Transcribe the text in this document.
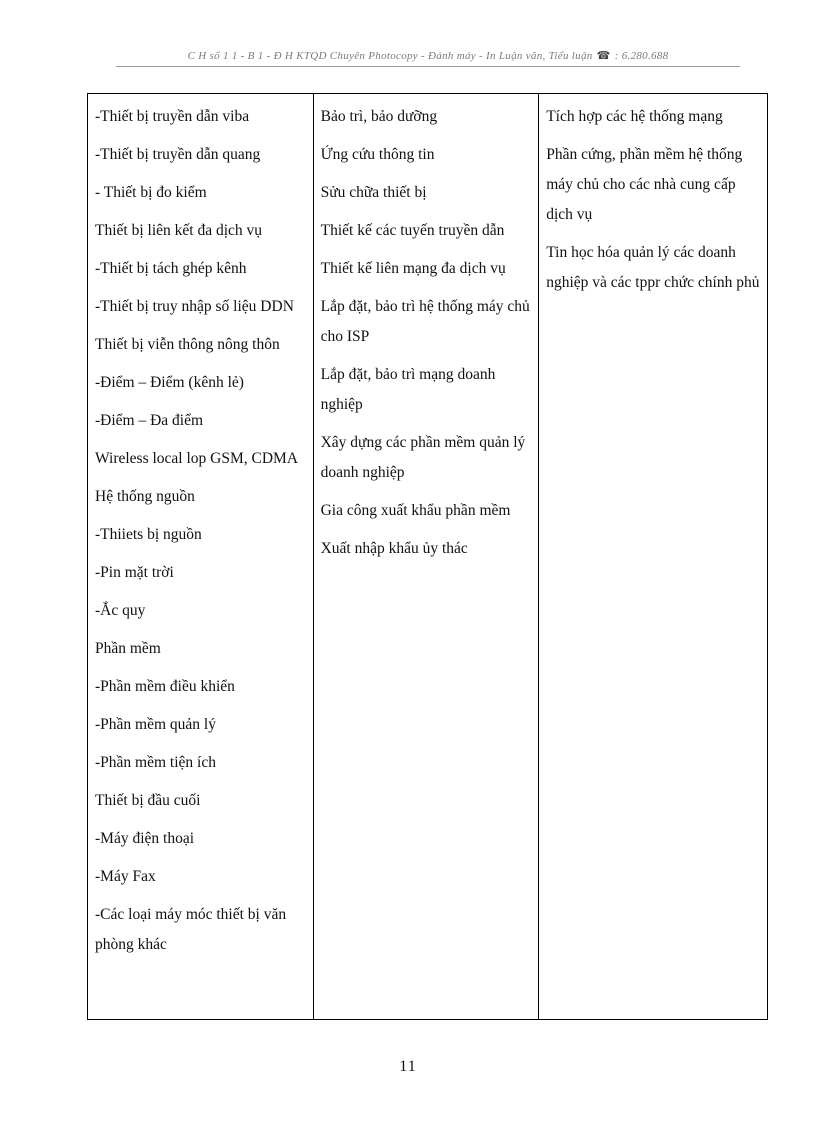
C H số 1 1 - B 1 - Đ H KTQD Chuyên Photocopy - Đánh máy - In Luận văn, Tiểu luận ☎ : 6.280.688
-Thiết bị truyền dẫn viba
-Thiết bị truyền dẫn quang
- Thiết bị đo kiểm
Thiết bị liên kết đa dịch vụ
-Thiết bị tách ghép kênh
-Thiết bị truy nhập số liệu DDN
Thiết bị viễn thông nông thôn
-Điểm – Điểm (kênh lẻ)
-Điểm – Đa điểm
Wireless local lop GSM, CDMA
Hệ thống nguồn
-Thiiets bị nguồn
-Pin mặt trời
-Ắc quy
Phần mềm
-Phần mềm điều khiển
-Phần mềm quản lý
-Phần mềm tiện ích
Thiết bị đầu cuối
-Máy điện thoại
-Máy Fax
-Các loại máy móc thiết bị văn phòng khác

Bảo trì, bảo dưỡng
Ứng cứu thông tin
Sửu chữa thiết bị
Thiết kế các tuyến truyền dẫn
Thiết kế liên mạng đa dịch vụ
Lắp đặt, bảo trì hệ thống máy chủ cho ISP
Lắp đặt, bảo trì mạng doanh nghiệp
Xây dựng các phần mềm quản lý doanh nghiệp
Gia công xuất khẩu phần mềm
Xuất nhập khẩu ủy thác

Tích hợp các hệ thống mạng
Phần cứng, phần mềm hệ thống máy chủ cho các nhà cung cấp dịch vụ
Tin học hóa quản lý các doanh nghiệp và các tppr chức chính phủ
11
